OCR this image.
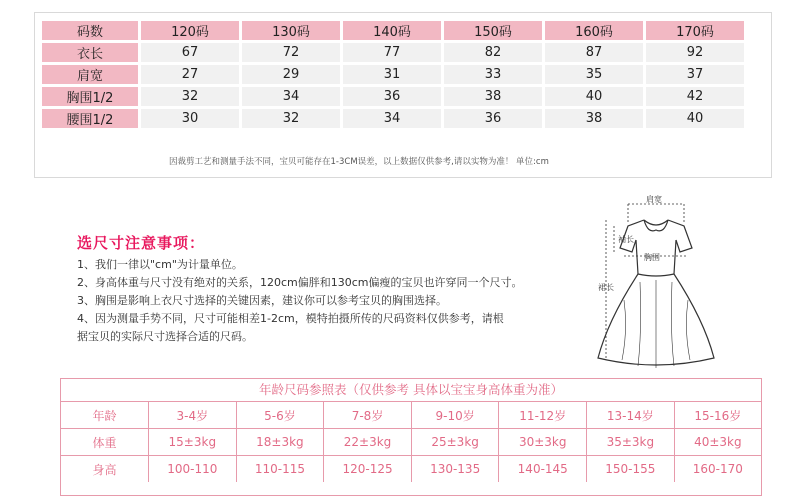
码数	120码	130码	140码	150码	160码	170码
衣长	67	72	77	82	87	92
肩宽	27	29	31	33	35	37
胸围1/2	32	34	36	38	40	42
腰围1/2	30	32	34	36	38	40
因裁剪工艺和测量手法不同，宝贝可能存在1-3CM误差，以上数据仅供参考,请以实物为准！ 单位:cm
选尺寸注意事项：
1、我们一律以"cm"为计量单位。
2、身高体重与尺寸没有绝对的关系，120cm偏胖和130cm偏瘦的宝贝也许穿同一个尺寸。
3、胸围是影响上衣尺寸选择的关键因素，建议你可以参考宝贝的胸围选择。
4、因为测量手势不同，尺寸可能相差1-2cm，模特拍摄所传的尺码资料仅供参考，请根
据宝贝的实际尺寸选择合适的尺码。
肩宽
袖长
胸围
裙长
年龄尺码参照表（仅供参考 具体以宝宝身高体重为准）
年龄	3-4岁	5-6岁	7-8岁	9-10岁	11-12岁	13-14岁	15-16岁
体重	15±3kg	18±3kg	22±3kg	25±3kg	30±3kg	35±3kg	40±3kg
身高	100-110	110-115	120-125	130-135	140-145	150-155	160-170
